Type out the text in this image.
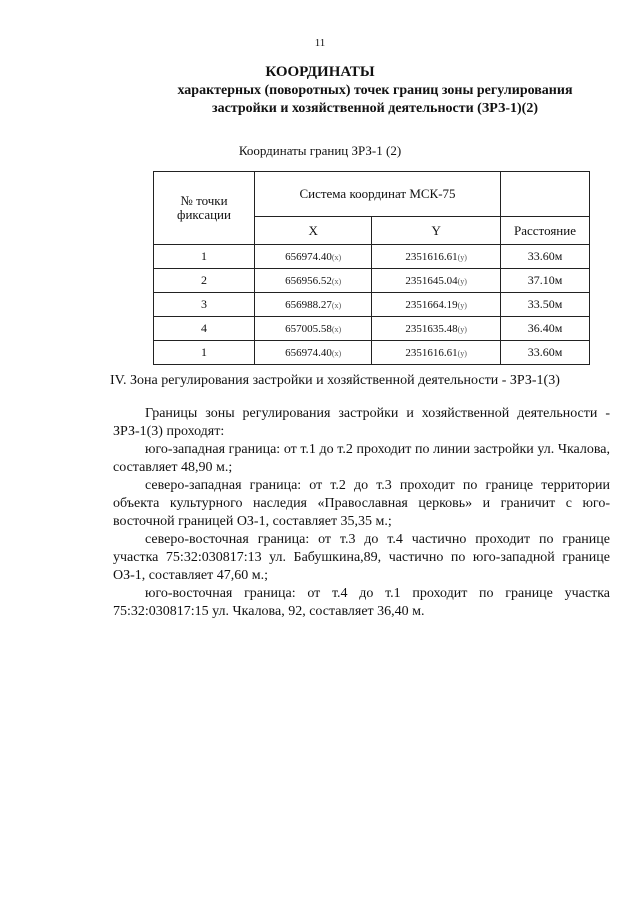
11
КООРДИНАТЫ
характерных (поворотных) точек границ зоны регулирования
застройки и хозяйственной деятельности (ЗРЗ-1)(2)
Координаты границ ЗРЗ-1 (2)
№ точки фиксации	Система координат МСК-75		
	X	Y	Расстояние
1	656974.40(x)	2351616.61(y)	33.60м
2	656956.52(x)	2351645.04(y)	37.10м
3	656988.27(x)	2351664.19(y)	33.50м
4	657005.58(x)	2351635.48(y)	36.40м
1	656974.40(x)	2351616.61(y)	33.60м
IV. Зона регулирования застройки и хозяйственной деятельности - ЗРЗ-1(3)

Границы зоны регулирования застройки и хозяйственной деятельности - ЗРЗ-1(3) проходят:

юго-западная граница: от т.1 до т.2 проходит по линии застройки ул. Чкалова, составляет 48,90 м.;

северо-западная граница: от т.2 до т.3 проходит по границе территории объекта культурного наследия «Православная церковь» и граничит с юго-восточной границей ОЗ-1, составляет 35,35 м.;

северо-восточная граница: от т.3 до т.4 частично проходит по границе участка 75:32:030817:13 ул. Бабушкина,89, частично по юго-западной границе ОЗ-1, составляет 47,60 м.;

юго-восточная граница: от т.4 до т.1 проходит по границе участка 75:32:030817:15 ул. Чкалова, 92, составляет 36,40 м.
